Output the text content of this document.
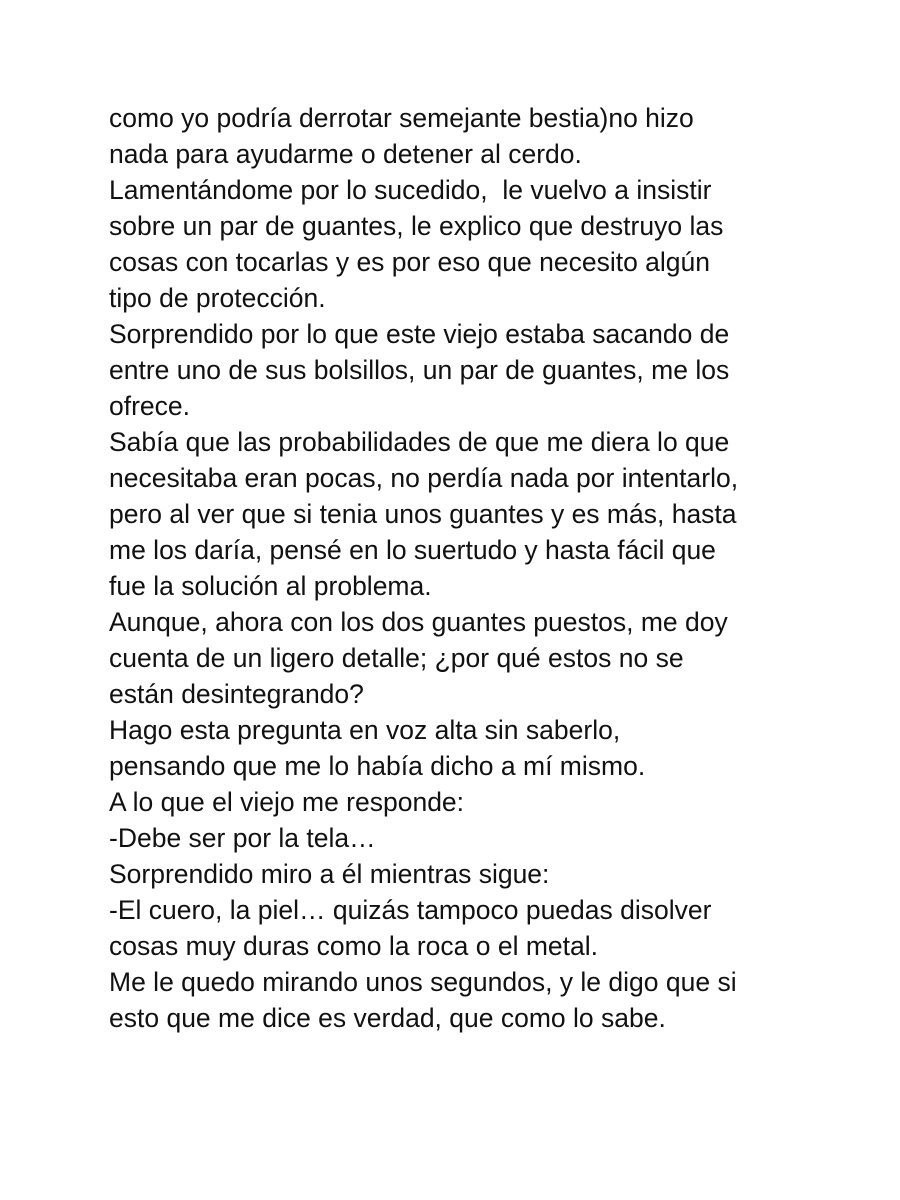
como yo podría derrotar semejante bestia)no hizo
nada para ayudarme o detener al cerdo.
Lamentándome por lo sucedido,  le vuelvo a insistir
sobre un par de guantes, le explico que destruyo las
cosas con tocarlas y es por eso que necesito algún
tipo de protección.
Sorprendido por lo que este viejo estaba sacando de
entre uno de sus bolsillos, un par de guantes, me los
ofrece.
Sabía que las probabilidades de que me diera lo que
necesitaba eran pocas, no perdía nada por intentarlo,
pero al ver que si tenia unos guantes y es más, hasta
me los daría, pensé en lo suertudo y hasta fácil que
fue la solución al problema.
Aunque, ahora con los dos guantes puestos, me doy
cuenta de un ligero detalle; ¿por qué estos no se
están desintegrando?
Hago esta pregunta en voz alta sin saberlo,
pensando que me lo había dicho a mí mismo.
A lo que el viejo me responde:
-Debe ser por la tela…
Sorprendido miro a él mientras sigue:
-El cuero, la piel… quizás tampoco puedas disolver
cosas muy duras como la roca o el metal.
Me le quedo mirando unos segundos, y le digo que si
esto que me dice es verdad, que como lo sabe.
